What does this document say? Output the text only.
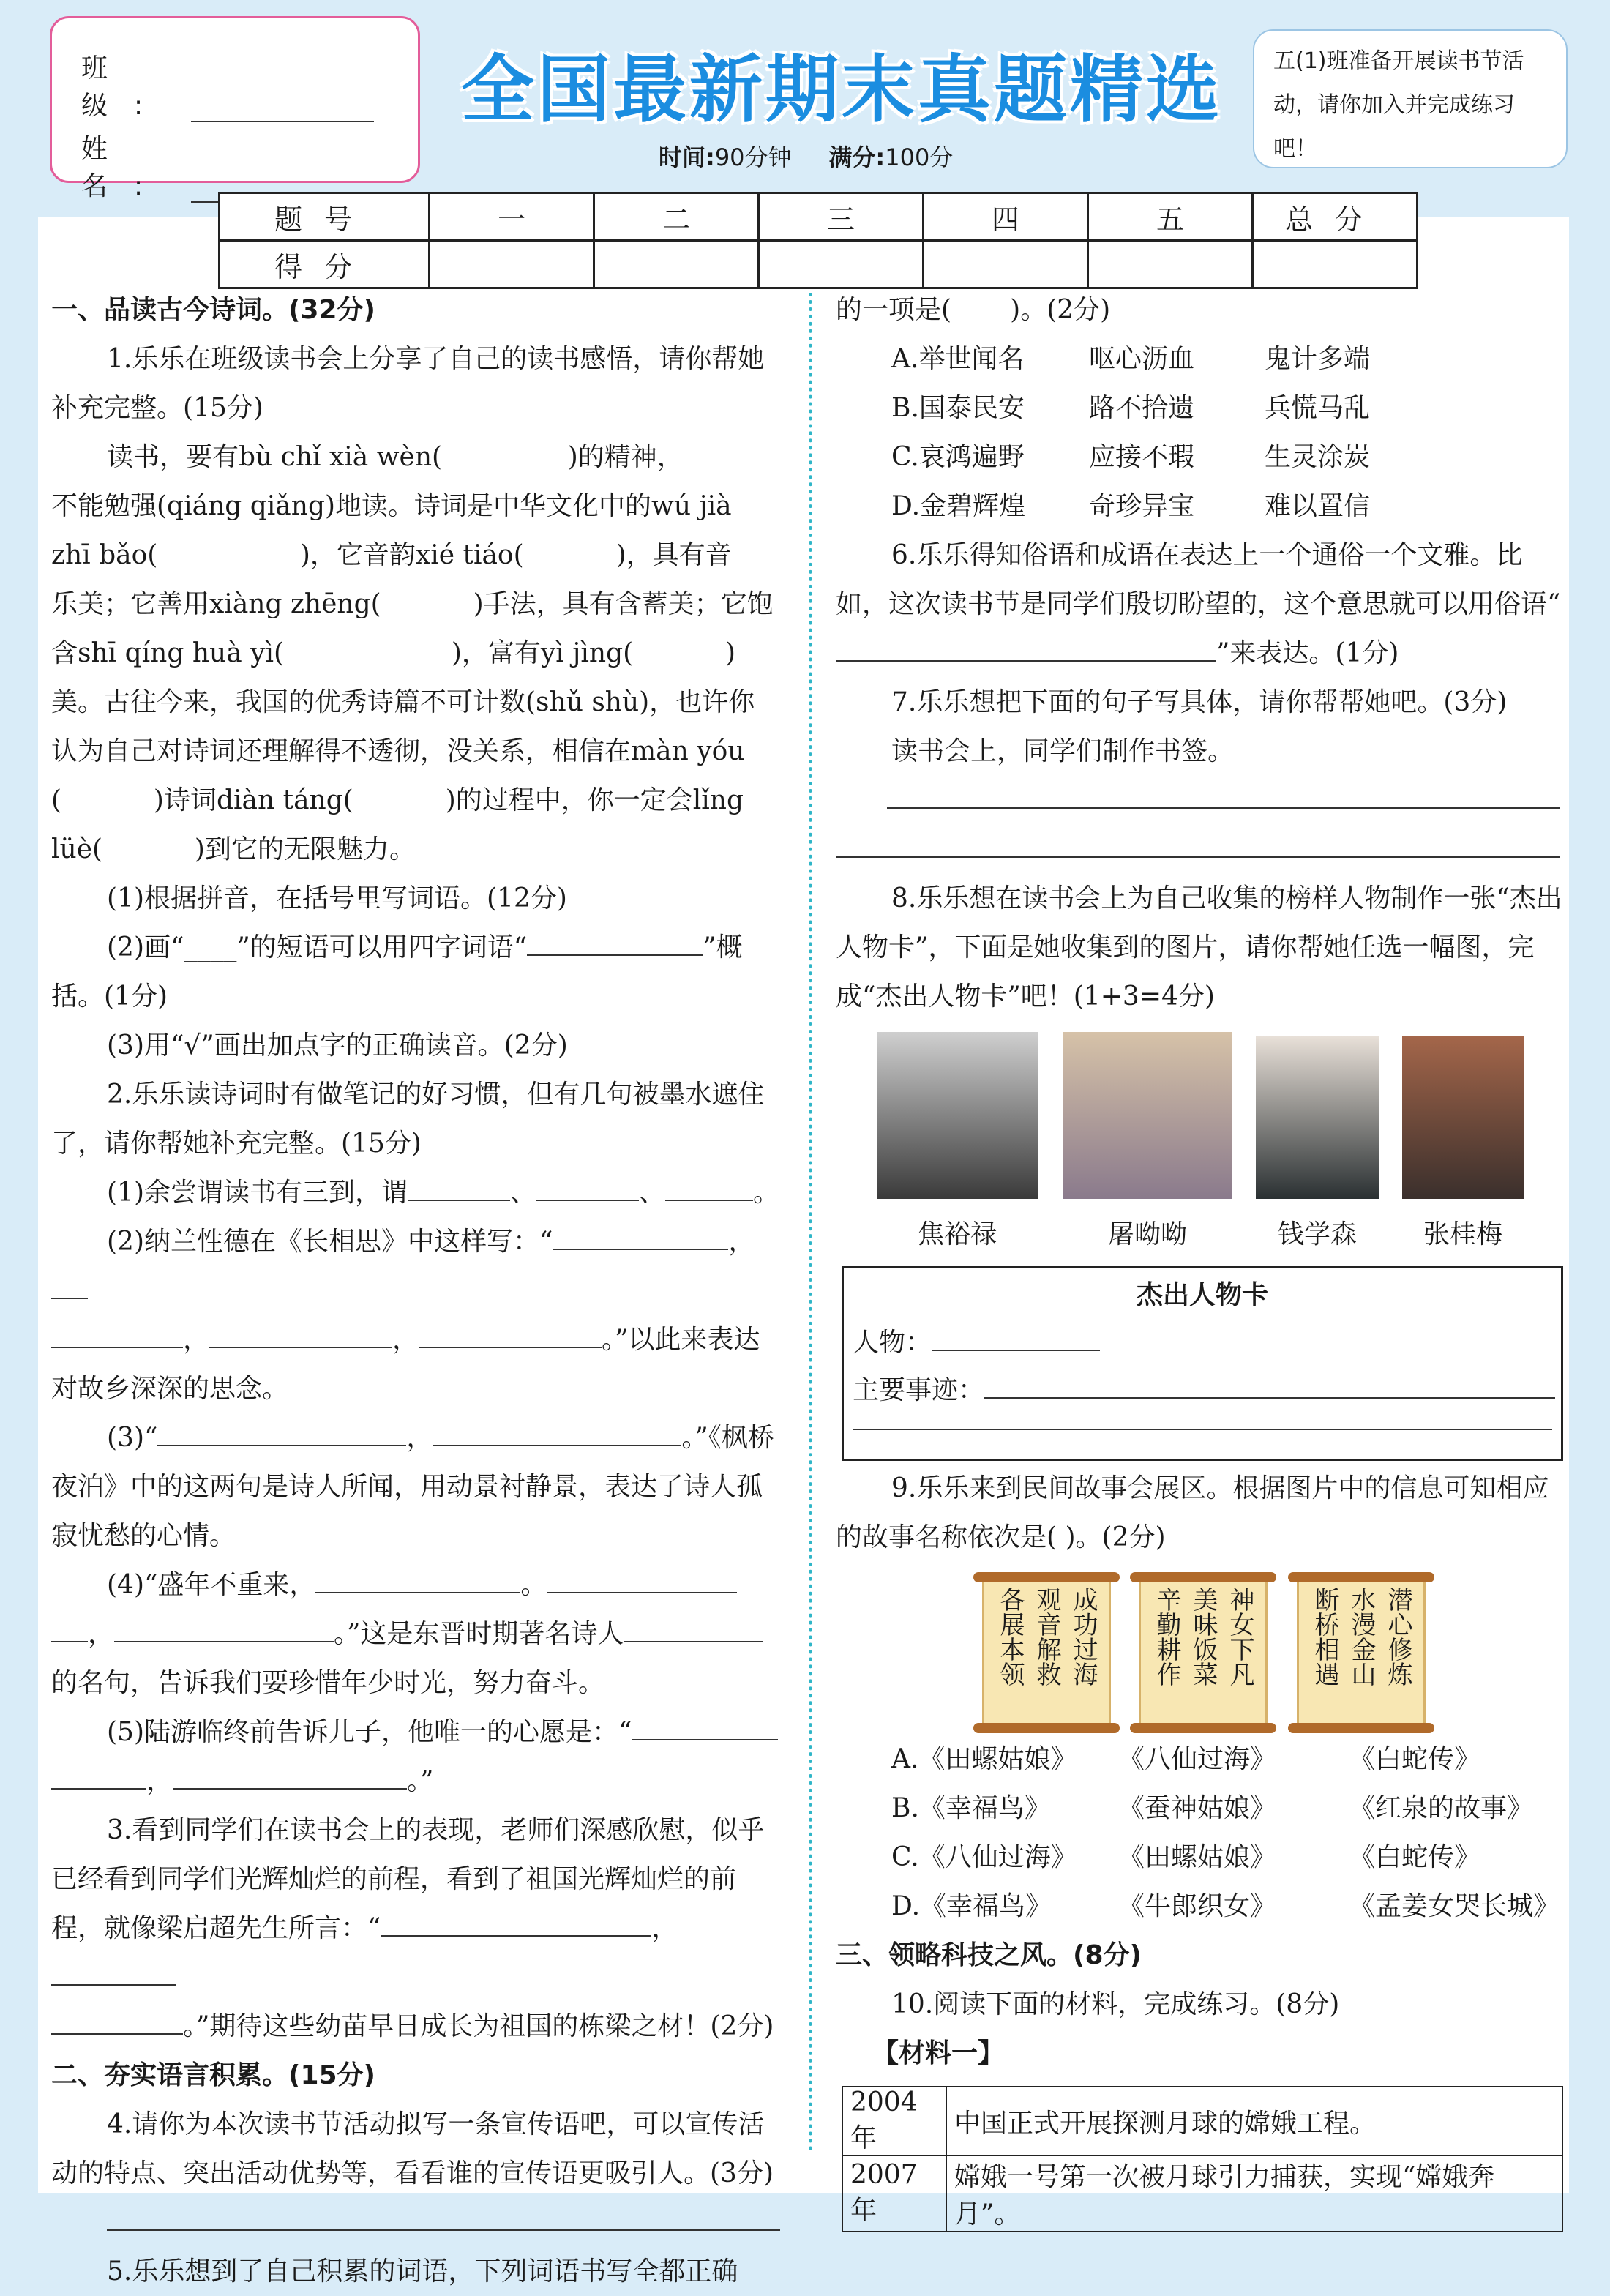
班级:
姓名:
全国最新期末真题精选
时间:90分钟 满分:100分
五(1)班准备开展读书节活动，请你加入并完成练习吧！
题号	一	二	三	四	五	总分
得分						

一、品读古今诗词。(32分)

1.乐乐在班级读书会上分享了自己的读书感悟，请你帮她补充完整。(15分)

读书，要有bù chǐ xià wèn(               )的精神，

不能勉强(qiáng qiǎng)地读。诗词是中华文化中的wú jià

zhī bǎo(                 )，它音韵xié tiáo(           )，具有音

乐美；它善用xiàng zhēng(           )手法，具有含蓄美；它饱

含shī qíng huà yì(                    )，富有yì jìng(           )

美。古往今来，我国的优秀诗篇不可计数(shǔ shù)，也许你

认为自己对诗词还理解得不透彻，没关系，相信在màn yóu

(           )诗词diàn táng(           )的过程中，你一定会lǐng

lüè(           )到它的无限魅力。

(1)根据拼音，在括号里写词语。(12分)

(2)画“____”的短语可以用四字词语“	”概括。(1分)

(3)用“√”画出加点字的正确读音。(2分)

2.乐乐读诗词时有做笔记的好习惯，但有几句被墨水遮住了，请你帮她补充完整。(15分)

(1)余尝谓读书有三到，谓	、	、	。

(2)纳兰性德在《长相思》中这样写：“	，

，	，	。”以此来表达对故乡深深的思念。

(3)“	，	。”《枫桥夜泊》中的这两句是诗人所闻，用动景衬静景，表达了诗人孤寂忧愁的心情。

(4)“盛年不重来，	。

，	。”这是东晋时期著名诗人的名句，告诉我们要珍惜年少时光，努力奋斗。

(5)陆游临终前告诉儿子，他唯一的心愿是：“

，	。”

3.看到同学们在读书会上的表现，老师们深感欣慰，似乎已经看到同学们光辉灿烂的前程，看到了祖国光辉灿烂的前程，就像梁启超先生所言：“	，

。”期待这些幼苗早日成长为祖国的栋梁之材！(2分)

二、夯实语言积累。(15分)

4.请你为本次读书节活动拟写一条宣传语吧，可以宣传活动的特点、突出活动优势等，看看谁的宣传语更吸引人。(3分)

5.乐乐想到了自己积累的词语，下列词语书写全都正确

的一项是(       )。(2分)

A.举世闻名	呕心沥血	鬼计多端
B.国泰民安	路不拾遗	兵慌马乱
C.哀鸿遍野	应接不瑕	生灵涂炭
D.金碧辉煌	奇珍异宝	难以置信

6.乐乐得知俗语和成语在表达上一个通俗一个文雅。比如，这次读书节是同学们殷切盼望的，这个意思就可以用俗语“”来表达。(1分)

7.乐乐想把下面的句子写具体，请你帮帮她吧。(3分)

读书会上，同学们制作书签。

8.乐乐想在读书会上为自己收集的榜样人物制作一张“杰出人物卡”，下面是她收集到的图片，请你帮她任选一幅图，完成“杰出人物卡”吧！(1+3=4分)

焦裕禄	屠呦呦	钱学森	张桂梅
杰出人物卡
人物：
主要事迹：

9.乐乐来到民间故事会展区。根据图片中的信息可知相应的故事名称依次是( )。(2分)

各展本领 观音解救 成功过海 辛勤耕作 美味饭菜 神女下凡 断桥相遇 水漫金山 潜心修炼
A.《田螺姑娘》	《八仙过海》	《白蛇传》
B.《幸福鸟》	《蚕神姑娘》	《红泉的故事》
C.《八仙过海》	《田螺姑娘》	《白蛇传》
D.《幸福鸟》	《牛郎织女》	《孟姜女哭长城》

三、领略科技之风。(8分)

10.阅读下面的材料，完成练习。(8分)

【材料一】

2004年	中国正式开展探测月球的嫦娥工程。
2007年	嫦娥一号第一次被月球引力捕获，实现“嫦娥奔月”。
